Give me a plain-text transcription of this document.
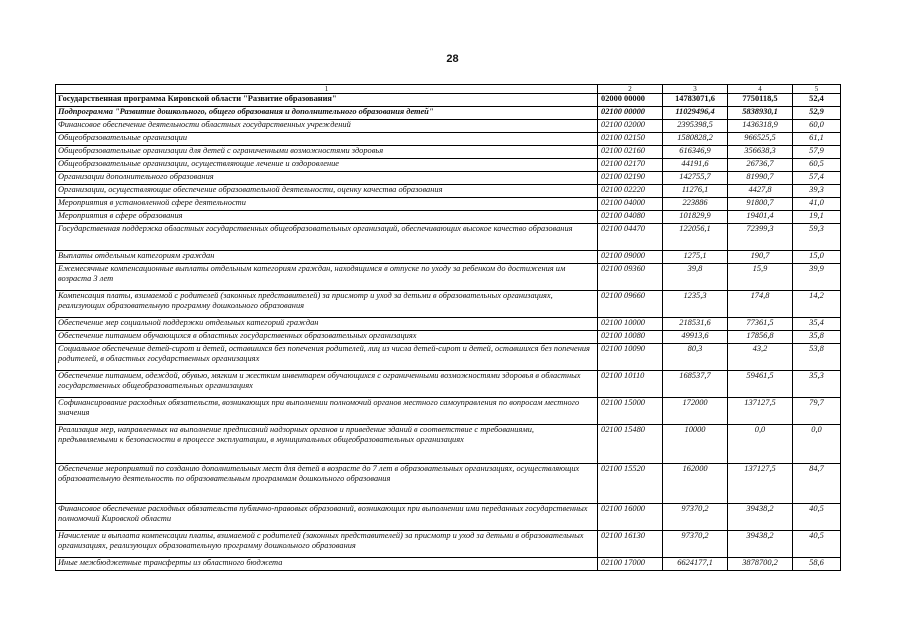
28
1	2	3	4	5
Государственная программа Кировской области "Развитие образования"	02000 00000	14783071,6	7750118,5	52,4
Подпрограмма "Развитие дошкольного, общего образования и дополнительного образования детей"	02100 00000	11029496,4	5838930,1	52,9
Финансовое обеспечение деятельности областных государственных учреждений	02100 02000	2395398,5	1436318,9	60,0
Общеобразовательные организации	02100 02150	1580828,2	966525,5	61,1
Общеобразовательные организации для детей с ограниченными возможностями здоровья	02100 02160	616346,9	356638,3	57,9
Общеобразовательные организации, осуществляющие лечение и оздоровление	02100 02170	44191,6	26736,7	60,5
Организации дополнительного образования	02100 02190	142755,7	81990,7	57,4
Организации, осуществляющие обеспечение образовательной деятельности, оценку качества образования	02100 02220	11276,1	4427,8	39,3
Мероприятия в установленной сфере деятельности	02100 04000	223886	91800,7	41,0
Мероприятия в сфере образования	02100 04080	101829,9	19401,4	19,1
Государственная поддержка областных государственных общеобразовательных организаций, обеспечивающих высокое качество образования	02100 04470	122056,1	72399,3	59,3
Выплаты отдельным категориям граждан	02100 09000	1275,1	190,7	15,0
Ежемесячные компенсационные выплаты отдельным категориям граждан, находящимся в отпуске по уходу за ребенком до достижения им возраста 3 лет	02100 09360	39,8	15,9	39,9
Компенсация платы, взимаемой с родителей (законных представителей) за присмотр и уход за детьми в образовательных организациях, реализующих образовательную программу дошкольного образования	02100 09660	1235,3	174,8	14,2
Обеспечение мер социальной поддержки отдельных категорий граждан	02100 10000	218531,6	77361,5	35,4
Обеспечение питанием обучающихся в областных государственных образовательных организациях	02100 10080	49913,6	17856,8	35,8
Социальное обеспечение детей-сирот и детей, оставшихся без попечения родителей, лиц из числа детей-сирот и детей, оставшихся без попечения родителей, в областных государственных организациях	02100 10090	80,3	43,2	53,8
Обеспечение питанием, одеждой, обувью, мягким и жестким инвентарем обучающихся с ограниченными возможностями здоровья в областных государственных общеобразовательных организациях	02100 10110	168537,7	59461,5	35,3
Софинансирование расходных обязательств, возникающих при выполнении полномочий органов местного самоуправления по вопросам местного значения	02100 15000	172000	137127,5	79,7
Реализация мер, направленных на выполнение предписаний надзорных органов и приведение зданий в соответствие с требованиями, предъявляемыми к безопасности в процессе эксплуатации, в муниципальных общеобразовательных организациях	02100 15480	10000	0,0	0,0
Обеспечение мероприятий по созданию дополнительных мест для детей в возрасте до 7 лет в образовательных организациях, осуществляющих образовательную деятельность по образовательным программам дошкольного образования	02100 15520	162000	137127,5	84,7
Финансовое обеспечение расходных обязательств публично-правовых образований, возникающих при выполнении ими переданных государственных полномочий Кировской области	02100 16000	97370,2	39438,2	40,5
Начисление и выплата компенсации платы, взимаемой с родителей (законных представителей) за присмотр и уход за детьми в образовательных организациях, реализующих образовательную программу дошкольного образования	02100 16130	97370,2	39438,2	40,5
Иные межбюджетные трансферты из областного бюджета	02100 17000	6624177,1	3878700,2	58,6
